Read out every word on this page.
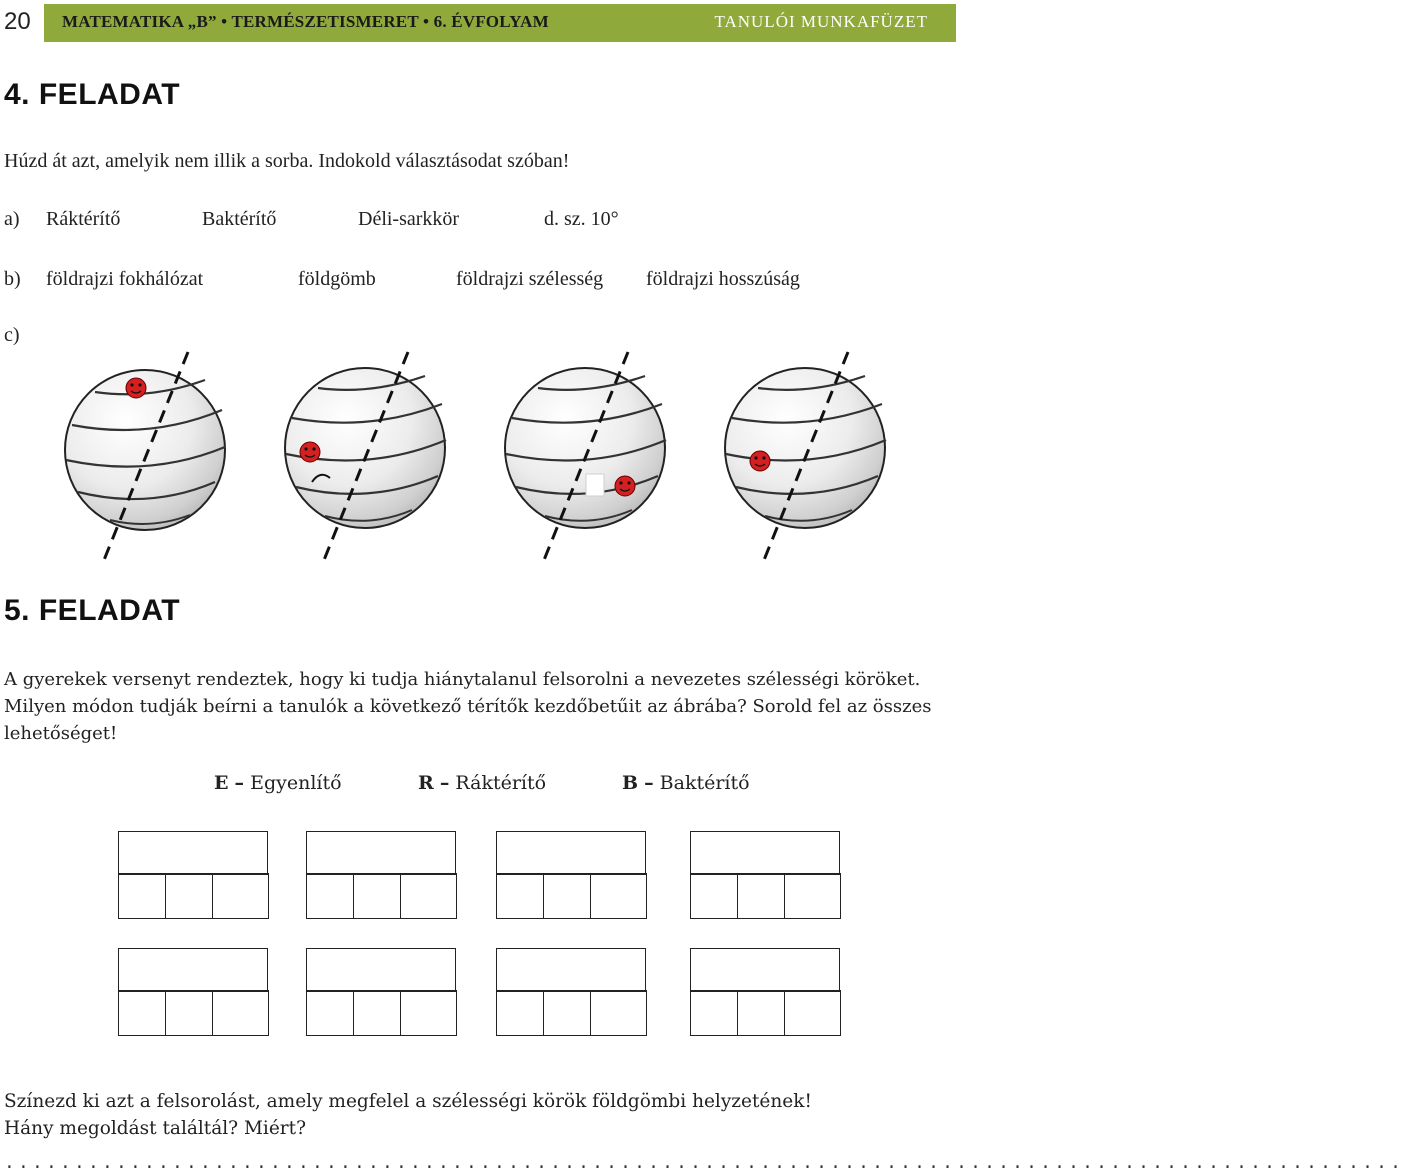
20 MATEMATIKA „B” • TERMÉSZETISMERET • 6. ÉVFOLYAM	TANULÓI MUNKAFÜZET
4. FELADAT
Húzd át azt, amelyik nem illik a sorba. Indokold választásodat szóban!
a) Ráktérítő	Baktérítő	Déli-sarkkör	d. sz. 10°
b) földrajzi fokhálózat	földgömb	földrajzi szélesség földrajzi hosszúság
c)
5. FELADAT
A gyerekek versenyt rendeztek, hogy ki tudja hiánytalanul felsorolni a nevezetes szélességi köröket.
Milyen módon tudják beírni a tanulók a következő térítők kezdőbetűit az ábrába? Sorold fel az összes
lehetőséget!
E – Egyenlítő	R – Ráktérítő	B – Baktérítő
Színezd ki azt a felsorolást, amely megfelel a szélességi körök földgömbi helyzetének!
Hány megoldást találtál? Miért?
....................................................................................................
